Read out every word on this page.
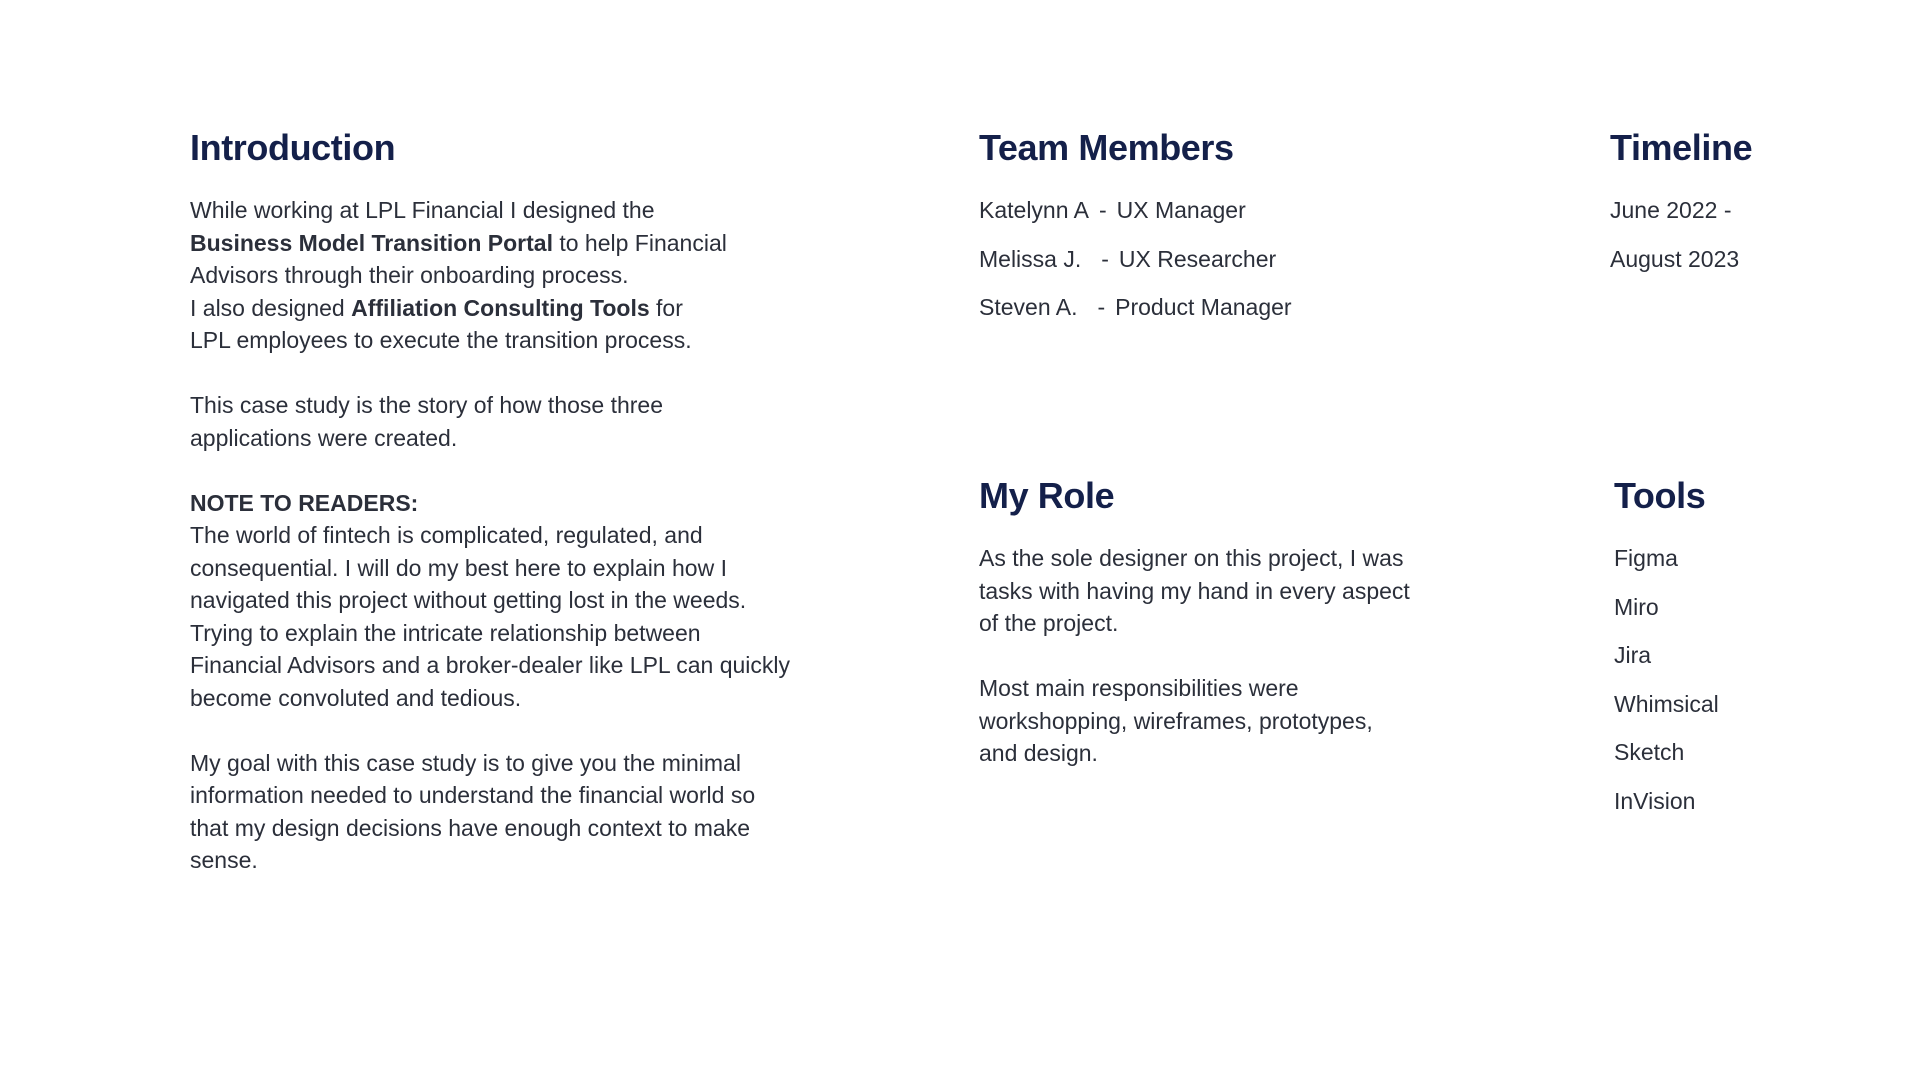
Introduction

While working at LPL Financial I designed the
Business Model Transition Portal to help Financial
Advisors through their onboarding process.
I also designed Affiliation Consulting Tools for
LPL employees to execute the transition process.

This case study is the story of how those three
applications were created.

NOTE TO READERS:
The world of fintech is complicated, regulated, and
consequential. I will do my best here to explain how I
navigated this project without getting lost in the weeds.
Trying to explain the intricate relationship between
Financial Advisors and a broker-dealer like LPL can quickly
become convoluted and tedious.

My goal with this case study is to give you the minimal
information needed to understand the financial world so
that my design decisions have enough context to make
sense.

Team Members
Katelynn A - UX Manager
Melissa J. - UX Researcher
Steven A. - Product Manager
Timeline
June 2022 -
August 2023
My Role

As the sole designer on this project, I was
tasks with having my hand in every aspect
of the project.

Most main responsibilities were
workshopping, wireframes, prototypes,
and design.

Tools
Figma
Miro
Jira
Whimsical
Sketch
InVision
